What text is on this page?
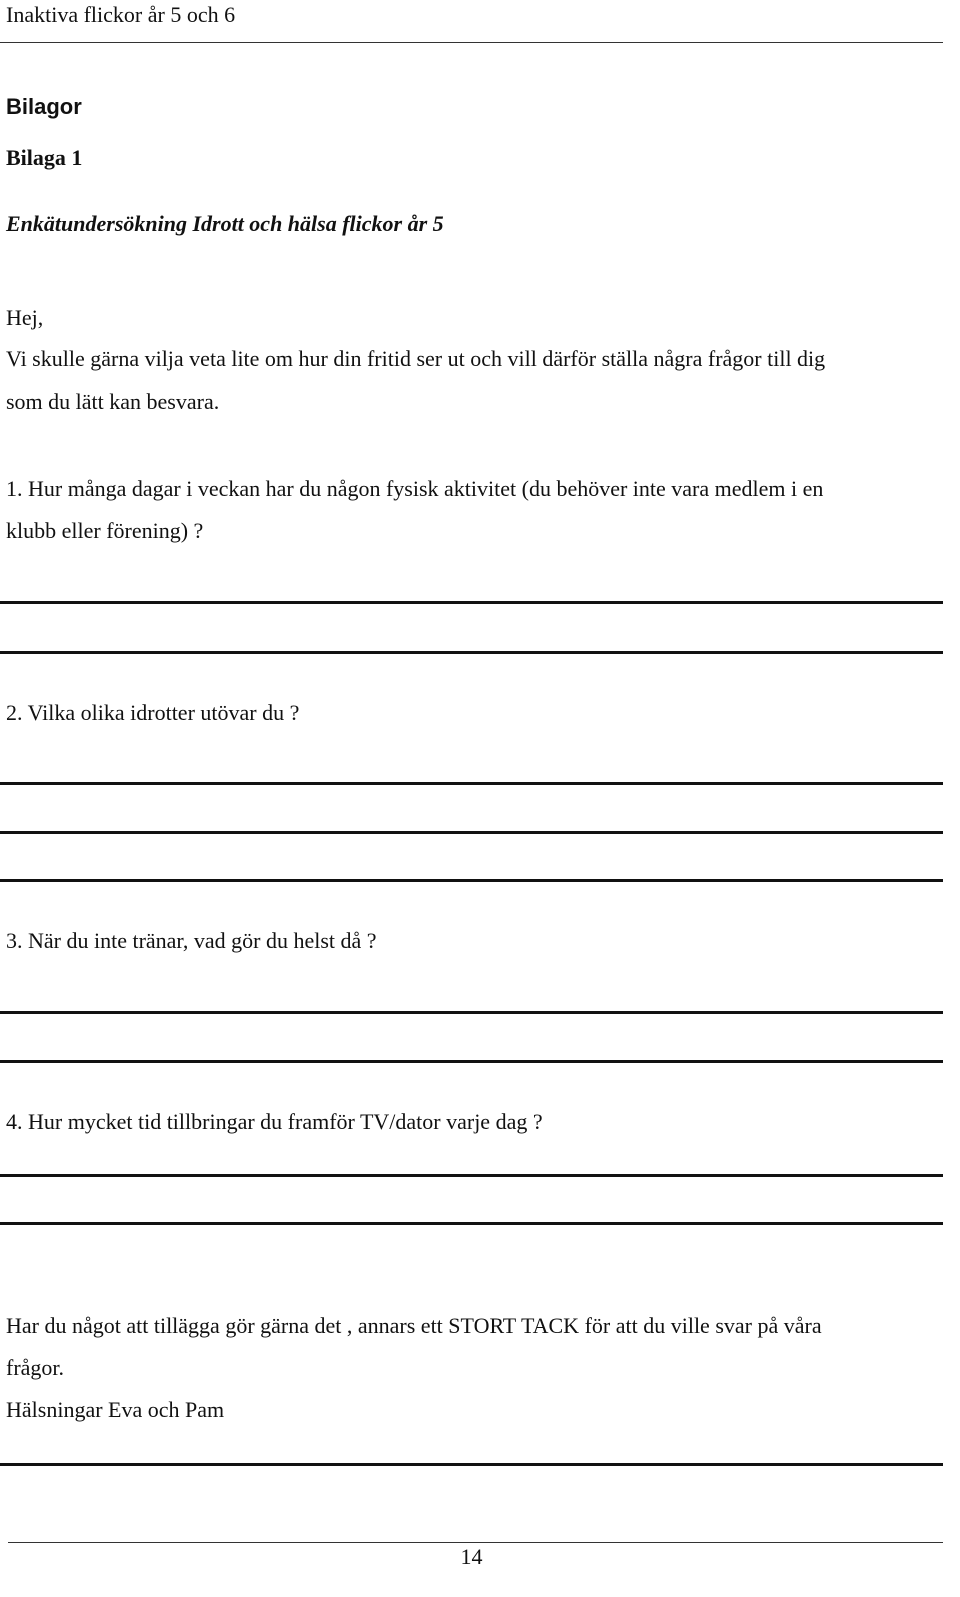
Inaktiva flickor år 5 och 6

Bilagor

Bilaga 1

Enkätundersökning Idrott och hälsa flickor år 5

Hej,

Vi skulle gärna vilja veta lite om hur din fritid ser ut och vill därför ställa några frågor till dig

som du lätt kan besvara.

1. Hur många dagar i veckan har du någon fysisk aktivitet (du behöver inte vara medlem i en

klubb eller förening) ?

2. Vilka olika idrotter utövar du ?

3. När du inte tränar, vad gör du helst då ?

4. Hur mycket tid tillbringar du framför TV/dator varje dag ?

Har du något att tillägga gör gärna det , annars ett STORT TACK för att du ville svar på våra

frågor.

Hälsningar Eva och Pam

14
